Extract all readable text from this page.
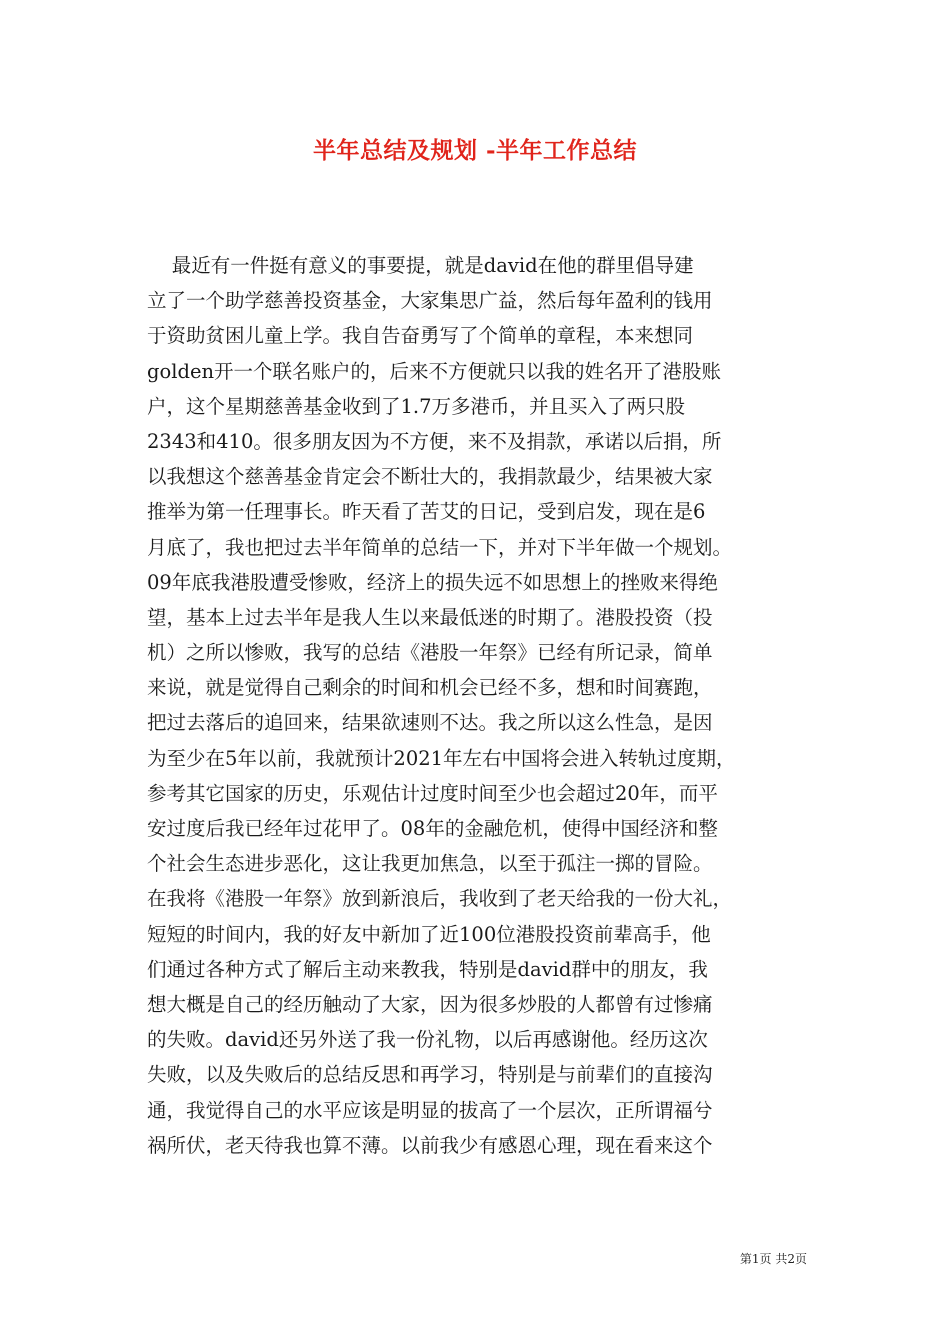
半年总结及规划 -半年工作总结
最近有一件挺有意义的事要提，就是david在他的群里倡导建
立了一个助学慈善投资基金，大家集思广益，然后每年盈利的钱用
于资助贫困儿童上学。我自告奋勇写了个简单的章程，本来想同
golden开一个联名账户的，后来不方便就只以我的姓名开了港股账
户，这个星期慈善基金收到了1.7万多港币，并且买入了两只股
2343和410。很多朋友因为不方便，来不及捐款，承诺以后捐，所
以我想这个慈善基金肯定会不断壮大的，我捐款最少，结果被大家
推举为第一任理事长。昨天看了苦艾的日记，受到启发，现在是6
月底了，我也把过去半年简单的总结一下，并对下半年做一个规划。
09年底我港股遭受惨败，经济上的损失远不如思想上的挫败来得绝
望，基本上过去半年是我人生以来最低迷的时期了。港股投资（投
机）之所以惨败，我写的总结《港股一年祭》已经有所记录，简单
来说，就是觉得自己剩余的时间和机会已经不多，想和时间赛跑，
把过去落后的追回来，结果欲速则不达。我之所以这么性急，是因
为至少在5年以前，我就预计2021年左右中国将会进入转轨过度期，
参考其它国家的历史，乐观估计过度时间至少也会超过20年，而平
安过度后我已经年过花甲了。08年的金融危机，使得中国经济和整
个社会生态进步恶化，这让我更加焦急，以至于孤注一掷的冒险。
在我将《港股一年祭》放到新浪后，我收到了老天给我的一份大礼，
短短的时间内，我的好友中新加了近100位港股投资前辈高手，他
们通过各种方式了解后主动来教我，特别是david群中的朋友，我
想大概是自己的经历触动了大家，因为很多炒股的人都曾有过惨痛
的失败。david还另外送了我一份礼物，以后再感谢他。经历这次
失败，以及失败后的总结反思和再学习，特别是与前辈们的直接沟
通，我觉得自己的水平应该是明显的拔高了一个层次，正所谓福兮
祸所伏，老天待我也算不薄。以前我少有感恩心理，现在看来这个
第1页 共2页
